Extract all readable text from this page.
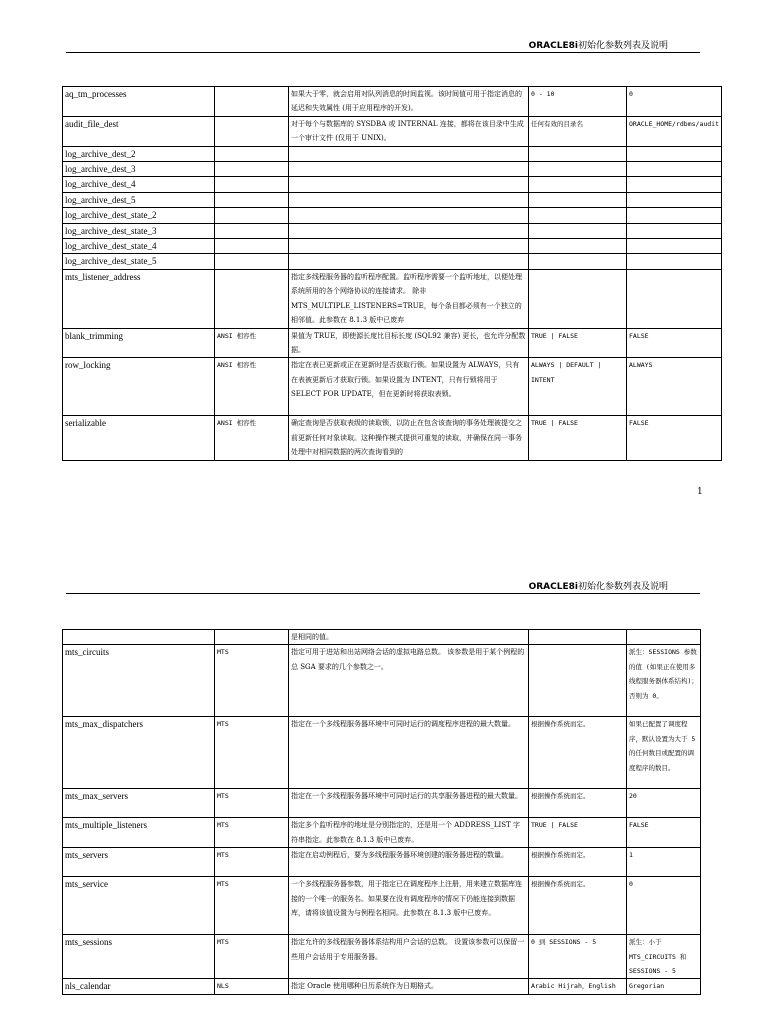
ORACLE8i初始化参数列表及说明
aq_tm_processes		如果大于零，就会启用对队列消息的时间监视。该时间值可用于指定消息的延迟和失效属性 (用于应用程序的开发)。	0 - 10	0
audit_file_dest		对于每个与数据库的 SYSDBA 或 INTERNAL 连接，都将在该目录中生成一个审计文件 (仅用于 UNIX)。	任何有效的目录名	ORACLE_HOME/rdbms/audit
log_archive_dest_2				
log_archive_dest_3				
log_archive_dest_4				
log_archive_dest_5				
log_archive_dest_state_2				
log_archive_dest_state_3				
log_archive_dest_state_4				
log_archive_dest_state_5				
mts_listener_address		指定多线程服务器的监听程序配置。监听程序需要一个监听地址，以便处理系统所用的各个网络协议的连接请求。 除非 MTS_MULTIPLE_LISTENERS=TRUE，每个条目都必须有一个独立的相邻值。此参数在 8.1.3 版中已废弃		
blank_trimming	ANSI 相容性	果值为 TRUE，即使源长度比目标长度 (SQL92 兼容) 更长，也允许分配数据。	TRUE | FALSE	FALSE
row_locking	ANSI 相容性	指定在表已更新或正在更新时是否获取行锁。如果设置为 ALWAYS，只有在表被更新后才获取行锁。如果设置为 INTENT，只有行锁将用于 SELECT FOR UPDATE，但在更新时将获取表锁。	ALWAYS | DEFAULT | INTENT	ALWAYS
serializable	ANSI 相容性	确定查询是否获取表级的读取锁，以防止在包含该查询的事务处理被提交之前更新任何对象读取。这种操作模式提供可重复的读取，并确保在同一事务处理中对相同数据的两次查询看到的	TRUE | FALSE	FALSE
1
ORACLE8i初始化参数列表及说明
		是相同的值。		
mts_circuits	MTS	指定可用于进站和出站网络会话的虚拟电路总数。 该参数是用于某个例程的总 SGA 要求的几个参数之一。		派生：SESSIONS 参数的值 (如果正在使用多线程服务器体系结构)；否则为 0。
mts_max_dispatchers	MTS	指定在一个多线程服务器环境中可同时运行的调度程序进程的最大数量。	根据操作系统而定。	如果已配置了调度程序，默认设置为大于 5 的任何数目或配置的调度程序的数目。
mts_max_servers	MTS	指定在一个多线程服务器环境中可同时运行的共享服务器进程的最大数量。	根据操作系统而定。	20
mts_multiple_listeners	MTS	指定多个监听程序的地址是分别指定的，还是用一个 ADDRESS_LIST 字符串指定。此参数在 8.1.3 版中已废弃。	TRUE | FALSE	FALSE
mts_servers	MTS	指定在启动例程后，要为多线程服务器环境创建的服务器进程的数量。	根据操作系统而定。	1
mts_service	MTS	一个多线程服务器参数，用于指定已在调度程序上注册，用来建立数据库连接的一个唯一的服务名。如果要在没有调度程序的情况下仍能连接到数据库，请将该值设置为与例程名相同。此参数在 8.1.3 版中已废弃。	根据操作系统而定。	0
mts_sessions	MTS	指定允许的多线程服务器体系结构用户会话的总数。 设置该参数可以保留一些用户会话用于专用服务器。	0 到 SESSIONS - 5	派生：小于 MTS_CIRCUITS 和 SESSIONS - 5
nls_calendar	NLS	指定 Oracle 使用哪种日历系统作为日期格式。	Arabic Hijrah，English	Gregorian
